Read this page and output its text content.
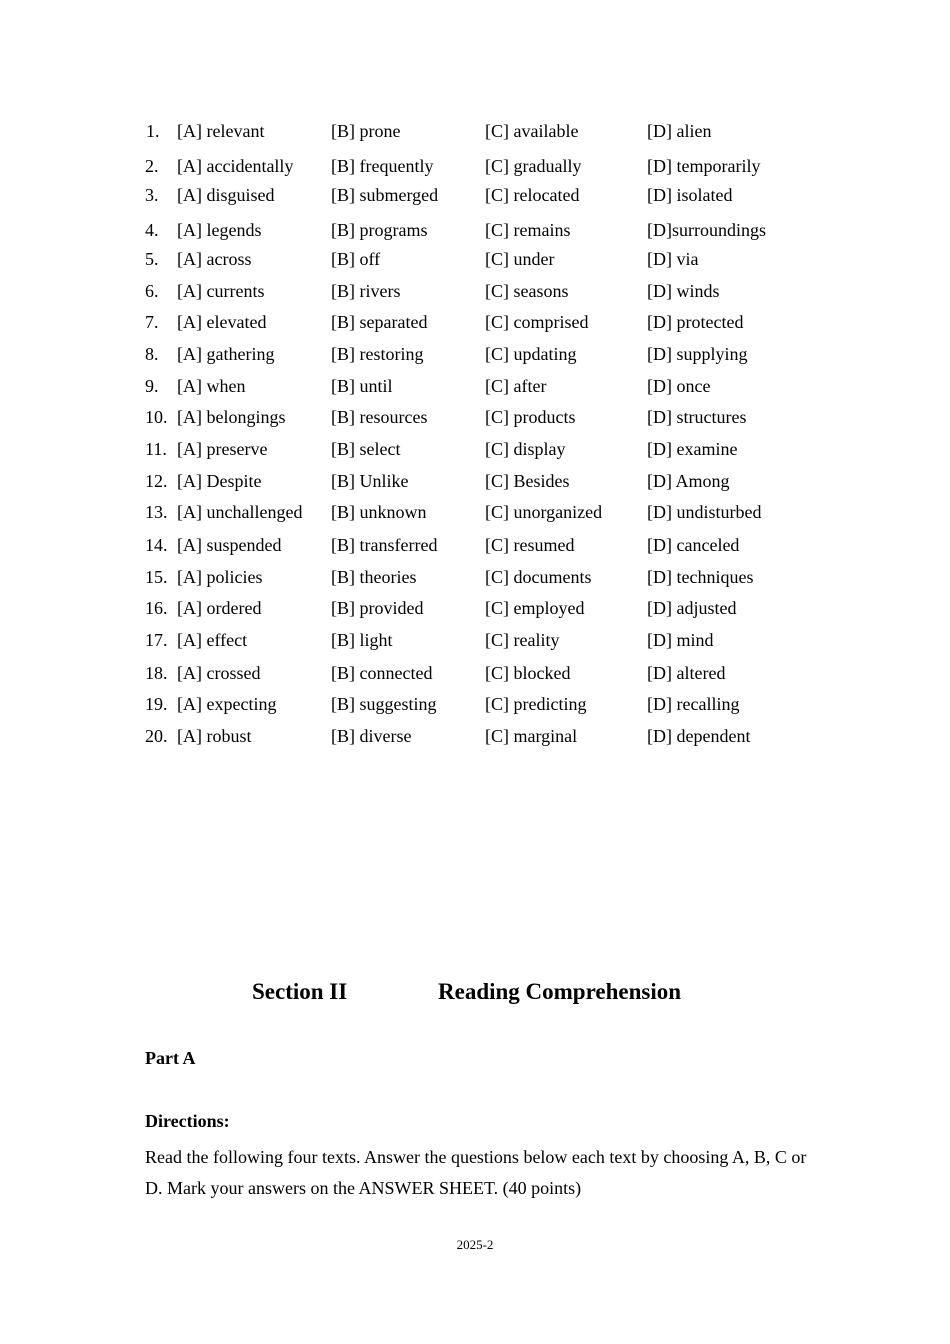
1. [A] relevant	[B] prone	[C] available	[D] alien
2. [A] accidentally [B] frequently	[C] gradually	[D] temporarily
3. [A] disguised	[B] submerged	[C] relocated	[D] isolated
4. [A] legends	[B] programs	[C] remains	[D]surroundings
5. [A] across	[B] off	[C] under	[D] via
6. [A] currents	[B] rivers	[C] seasons	[D] winds
7. [A] elevated	[B] separated	[C] comprised	[D] protected
8. [A] gathering	[B] restoring	[C] updating	[D] supplying
9. [A] when	[B] until	[C] after	[D] once
10. [A] belongings	[B] resources	[C] products	[D] structures
11. [A] preserve	[B] select	[C] display	[D] examine
12. [A] Despite	[B] Unlike	[C] Besides	[D] Among
13. [A] unchallenged [B] unknown	[C] unorganized [D] undisturbed
14. [A] suspended	[B] transferred	[C] resumed	[D] canceled
15. [A] policies	[B] theories	[C] documents	[D] techniques
16. [A] ordered	[B] provided	[C] employed	[D] adjusted
17. [A] effect	[B] light	[C] reality	[D] mind
18. [A] crossed	[B] connected	[C] blocked	[D] altered
19. [A] expecting	[B] suggesting	[C] predicting	[D] recalling
20. [A] robust	[B] diverse	[C] marginal	[D] dependent
Section II	Reading Comprehension
Part A
Directions:
Read the following four texts. Answer the questions below each text by choosing A, B, C or D. Mark your answers on the ANSWER SHEET. (40 points)
2025-2
